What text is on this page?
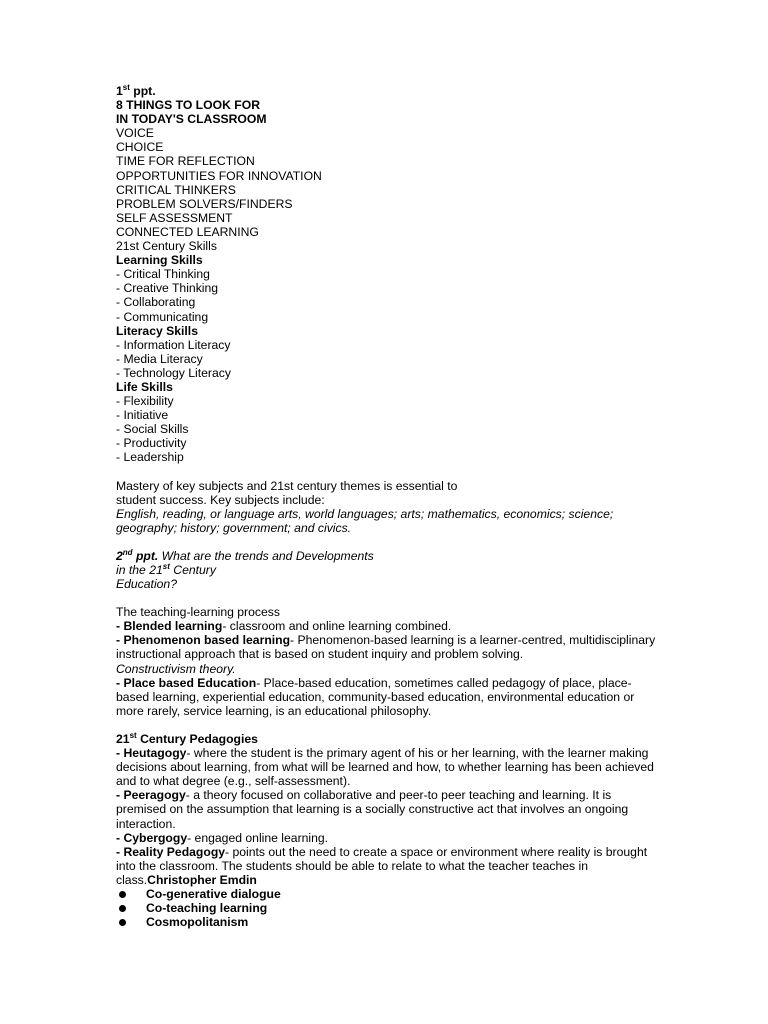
1st ppt.
8 THINGS TO LOOK FOR
IN TODAY'S CLASSROOM
VOICE
CHOICE
TIME FOR REFLECTION
OPPORTUNITIES FOR INNOVATION
CRITICAL THINKERS
PROBLEM SOLVERS/FINDERS
SELF ASSESSMENT
CONNECTED LEARNING
21st Century Skills
Learning Skills
- Critical Thinking
- Creative Thinking
- Collaborating
- Communicating
Literacy Skills
- Information Literacy
- Media Literacy
- Technology Literacy
Life Skills
- Flexibility
- Initiative
- Social Skills
- Productivity
- Leadership
Mastery of key subjects and 21st century themes is essential to
student success. Key subjects include:
English, reading, or language arts, world languages; arts; mathematics, economics; science; geography; history; government; and civics.
2nd ppt. What are the trends and Developments
in the 21st Century
Education?
The teaching-learning process
- Blended learning- classroom and online learning combined.
- Phenomenon based learning- Phenomenon-based learning is a learner-centred, multidisciplinary instructional approach that is based on student inquiry and problem solving.
Constructivism theory.
- Place based Education- Place-based education, sometimes called pedagogy of place, place-based learning, experiential education, community-based education, environmental education or more rarely, service learning, is an educational philosophy.
21st Century Pedagogies
- Heutagogy- where the student is the primary agent of his or her learning, with the learner making decisions about learning, from what will be learned and how, to whether learning has been achieved and to what degree (e.g., self-assessment).
- Peeragogy- a theory focused on collaborative and peer-to peer teaching and learning. It is premised on the assumption that learning is a socially constructive act that involves an ongoing interaction.
- Cybergogy- engaged online learning.
- Reality Pedagogy- points out the need to create a space or environment where reality is brought into the classroom. The students should be able to relate to what the teacher teaches in class.Christopher Emdin
Co-generative dialogue
Co-teaching learning
Cosmopolitanism
